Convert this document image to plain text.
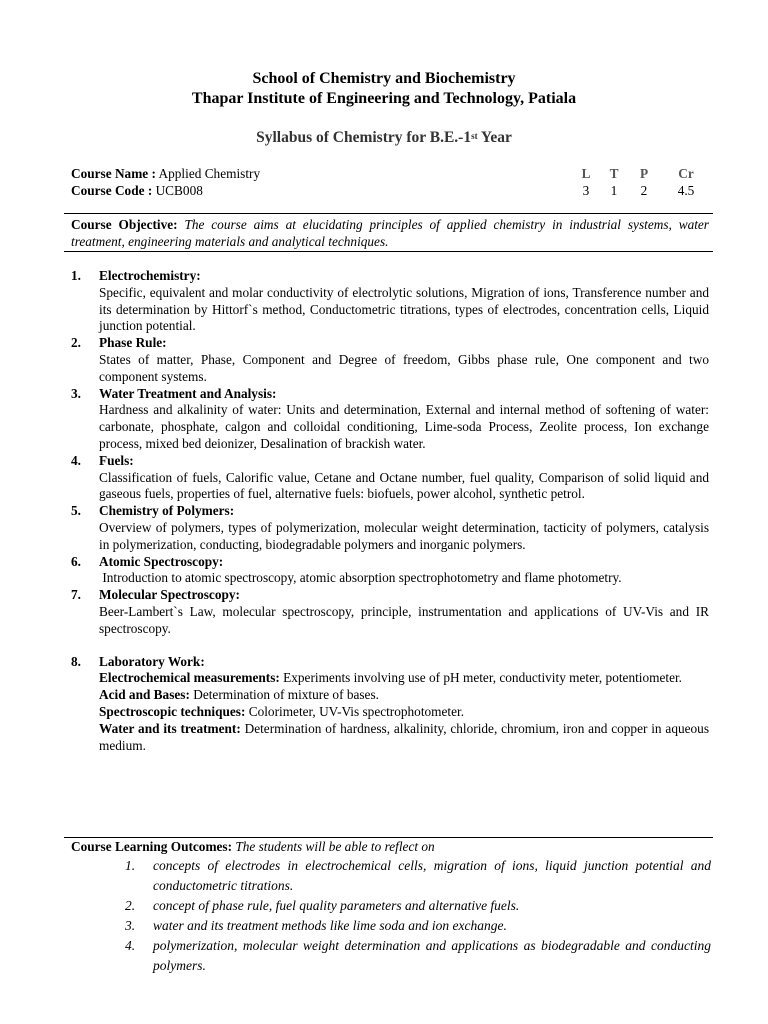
School of Chemistry and Biochemistry
Thapar Institute of Engineering and Technology, Patiala
Syllabus of Chemistry for B.E.-1st Year
Course Name : Applied Chemistry
Course Code : UCB008
L	T	P	Cr
3	1	2	4.5
Course Objective: The course aims at elucidating principles of applied chemistry in industrial systems, water treatment, engineering materials and analytical techniques.
1. Electrochemistry:
Specific, equivalent and molar conductivity of electrolytic solutions, Migration of ions, Transference number and its determination by Hittorf`s method, Conductometric titrations, types of electrodes, concentration cells, Liquid junction potential.
2. Phase Rule:
States of matter, Phase, Component and Degree of freedom, Gibbs phase rule, One component and two component systems.
3. Water Treatment and Analysis:
Hardness and alkalinity of water: Units and determination, External and internal method of softening of water: carbonate, phosphate, calgon and colloidal conditioning, Lime-soda Process, Zeolite process, Ion exchange process, mixed bed deionizer, Desalination of brackish water.
4. Fuels:
Classification of fuels, Calorific value, Cetane and Octane number, fuel quality, Comparison of solid liquid and gaseous fuels, properties of fuel, alternative fuels: biofuels, power alcohol, synthetic petrol.
5. Chemistry of Polymers:
Overview of polymers, types of polymerization, molecular weight determination, tacticity of polymers, catalysis in polymerization, conducting, biodegradable polymers and inorganic polymers.
6. Atomic Spectroscopy:
Introduction to atomic spectroscopy, atomic absorption spectrophotometry and flame photometry.
7. Molecular Spectroscopy:
Beer-Lambert`s Law, molecular spectroscopy, principle, instrumentation and applications of UV-Vis and IR spectroscopy.
8. Laboratory Work:
Electrochemical measurements: Experiments involving use of pH meter, conductivity meter, potentiometer.
Acid and Bases: Determination of mixture of bases.
Spectroscopic techniques: Colorimeter, UV-Vis spectrophotometer.
Water and its treatment: Determination of hardness, alkalinity, chloride, chromium, iron and copper in aqueous medium.
Course Learning Outcomes: The students will be able to reflect on
1. concepts of electrodes in electrochemical cells, migration of ions, liquid junction potential and conductometric titrations.
2. concept of phase rule, fuel quality parameters and alternative fuels.
3. water and its treatment methods like lime soda and ion exchange.
4. polymerization, molecular weight determination and applications as biodegradable and conducting polymers.
